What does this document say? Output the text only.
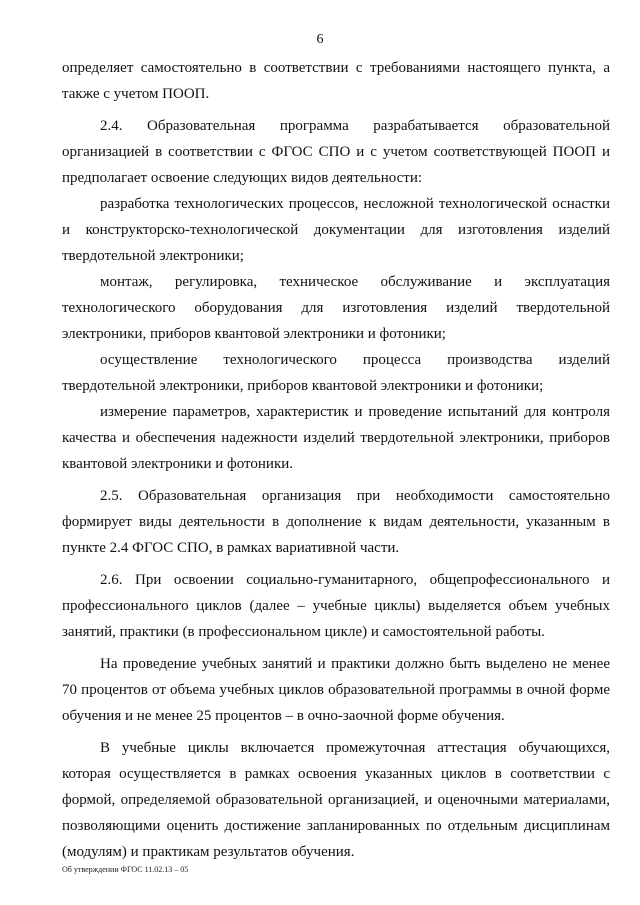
6

определяет самостоятельно в соответствии с требованиями настоящего пункта, а также с учетом ПООП.

2.4. Образовательная программа разрабатывается образовательной организацией в соответствии с ФГОС СПО и с учетом соответствующей ПООП и предполагает освоение следующих видов деятельности:

разработка технологических процессов, несложной технологической оснастки и конструкторско-технологической документации для изготовления изделий твердотельной электроники;

монтаж, регулировка, техническое обслуживание и эксплуатация технологического оборудования для изготовления изделий твердотельной электроники, приборов квантовой электроники и фотоники;

осуществление технологического процесса производства изделий твердотельной электроники, приборов квантовой электроники и фотоники;

измерение параметров, характеристик и проведение испытаний для контроля качества и обеспечения надежности изделий твердотельной электроники, приборов квантовой электроники и фотоники.

2.5. Образовательная организация при необходимости самостоятельно формирует виды деятельности в дополнение к видам деятельности, указанным в пункте 2.4 ФГОС СПО, в рамках вариативной части.

2.6. При освоении социально-гуманитарного, общепрофессионального и профессионального циклов (далее – учебные циклы) выделяется объем учебных занятий, практики (в профессиональном цикле) и самостоятельной работы.

На проведение учебных занятий и практики должно быть выделено не менее 70 процентов от объема учебных циклов образовательной программы в очной форме обучения и не менее 25 процентов – в очно-заочной форме обучения.

В учебные циклы включается промежуточная аттестация обучающихся, которая осуществляется в рамках освоения указанных циклов в соответствии с формой, определяемой образовательной организацией, и оценочными материалами, позволяющими оценить достижение запланированных по отдельным дисциплинам (модулям) и практикам результатов обучения.

Об утверждении ФГОС 11.02.13 – 05
